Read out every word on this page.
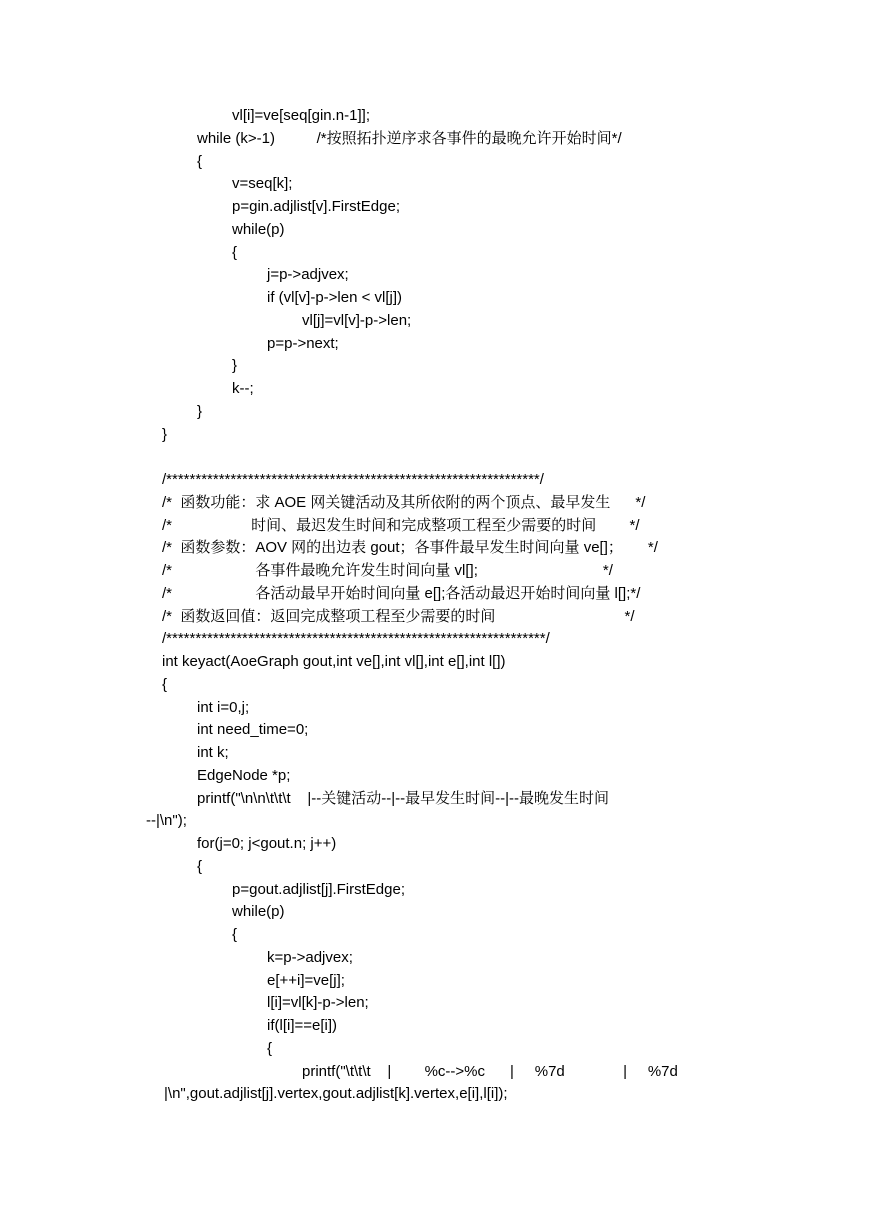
vl[i]=ve[seq[gin.n-1]];
while (k>-1)          /*按照拓扑逆序求各事件的最晚允许开始时间*/
{
v=seq[k];
p=gin.adjlist[v].FirstEdge;
while(p)
{
j=p->adjvex;
if (vl[v]-p->len < vl[j])
vl[j]=vl[v]-p->len;
p=p->next;
}
k--;
}
}
/****************************************************************/
/*  函数功能：求 AOE 网关键活动及其所依附的两个顶点、最早发生      */
/*                   时间、最迟发生时间和完成整项工程至少需要的时间        */
/*  函数参数：AOV 网的出边表 gout；各事件最早发生时间向量 ve[]；      */
/*                    各事件最晚允许发生时间向量 vl[];                              */
/*                    各活动最早开始时间向量 e[];各活动最迟开始时间向量 l[];*/
/*  函数返回值：返回完成整项工程至少需要的时间                               */
/*****************************************************************/
int keyact(AoeGraph gout,int ve[],int vl[],int e[],int l[])
{
int i=0,j;
int need_time=0;
int k;
EdgeNode *p;
printf("\n\n\t\t\t    |--关键活动--|--最早发生时间--|--最晚发生时间
--|\n");
for(j=0; j<gout.n; j++)
{
p=gout.adjlist[j].FirstEdge;
while(p)
{
k=p->adjvex;
e[++i]=ve[j];
l[i]=vl[k]-p->len;
if(l[i]==e[i])
{
printf("\t\t\t    |        %c-->%c      |     %7d              |     %7d
|\n",gout.adjlist[j].vertex,gout.adjlist[k].vertex,e[i],l[i]);
